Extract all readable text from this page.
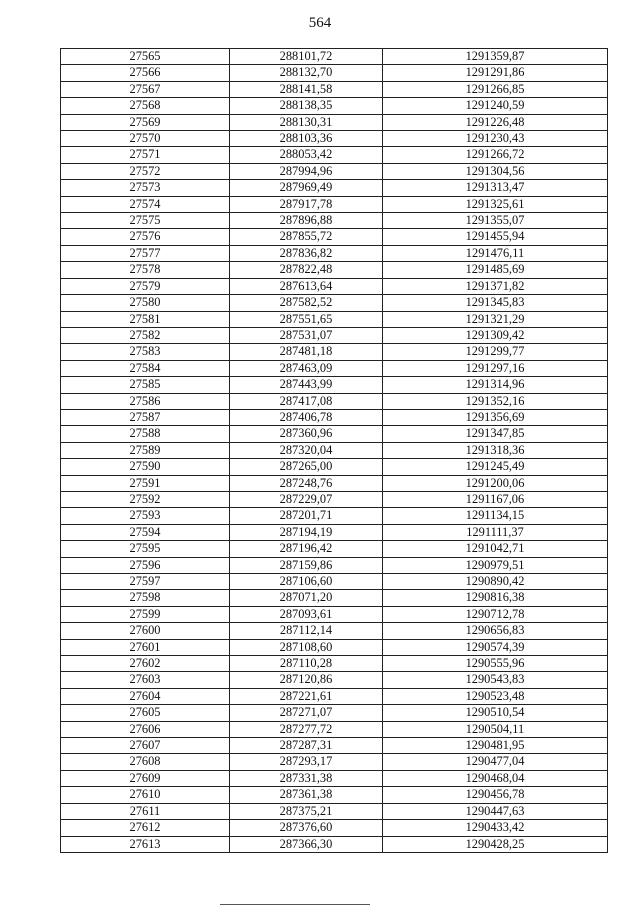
564
27565	288101,72	1291359,87
27566	288132,70	1291291,86
27567	288141,58	1291266,85
27568	288138,35	1291240,59
27569	288130,31	1291226,48
27570	288103,36	1291230,43
27571	288053,42	1291266,72
27572	287994,96	1291304,56
27573	287969,49	1291313,47
27574	287917,78	1291325,61
27575	287896,88	1291355,07
27576	287855,72	1291455,94
27577	287836,82	1291476,11
27578	287822,48	1291485,69
27579	287613,64	1291371,82
27580	287582,52	1291345,83
27581	287551,65	1291321,29
27582	287531,07	1291309,42
27583	287481,18	1291299,77
27584	287463,09	1291297,16
27585	287443,99	1291314,96
27586	287417,08	1291352,16
27587	287406,78	1291356,69
27588	287360,96	1291347,85
27589	287320,04	1291318,36
27590	287265,00	1291245,49
27591	287248,76	1291200,06
27592	287229,07	1291167,06
27593	287201,71	1291134,15
27594	287194,19	1291111,37
27595	287196,42	1291042,71
27596	287159,86	1290979,51
27597	287106,60	1290890,42
27598	287071,20	1290816,38
27599	287093,61	1290712,78
27600	287112,14	1290656,83
27601	287108,60	1290574,39
27602	287110,28	1290555,96
27603	287120,86	1290543,83
27604	287221,61	1290523,48
27605	287271,07	1290510,54
27606	287277,72	1290504,11
27607	287287,31	1290481,95
27608	287293,17	1290477,04
27609	287331,38	1290468,04
27610	287361,38	1290456,78
27611	287375,21	1290447,63
27612	287376,60	1290433,42
27613	287366,30	1290428,25
